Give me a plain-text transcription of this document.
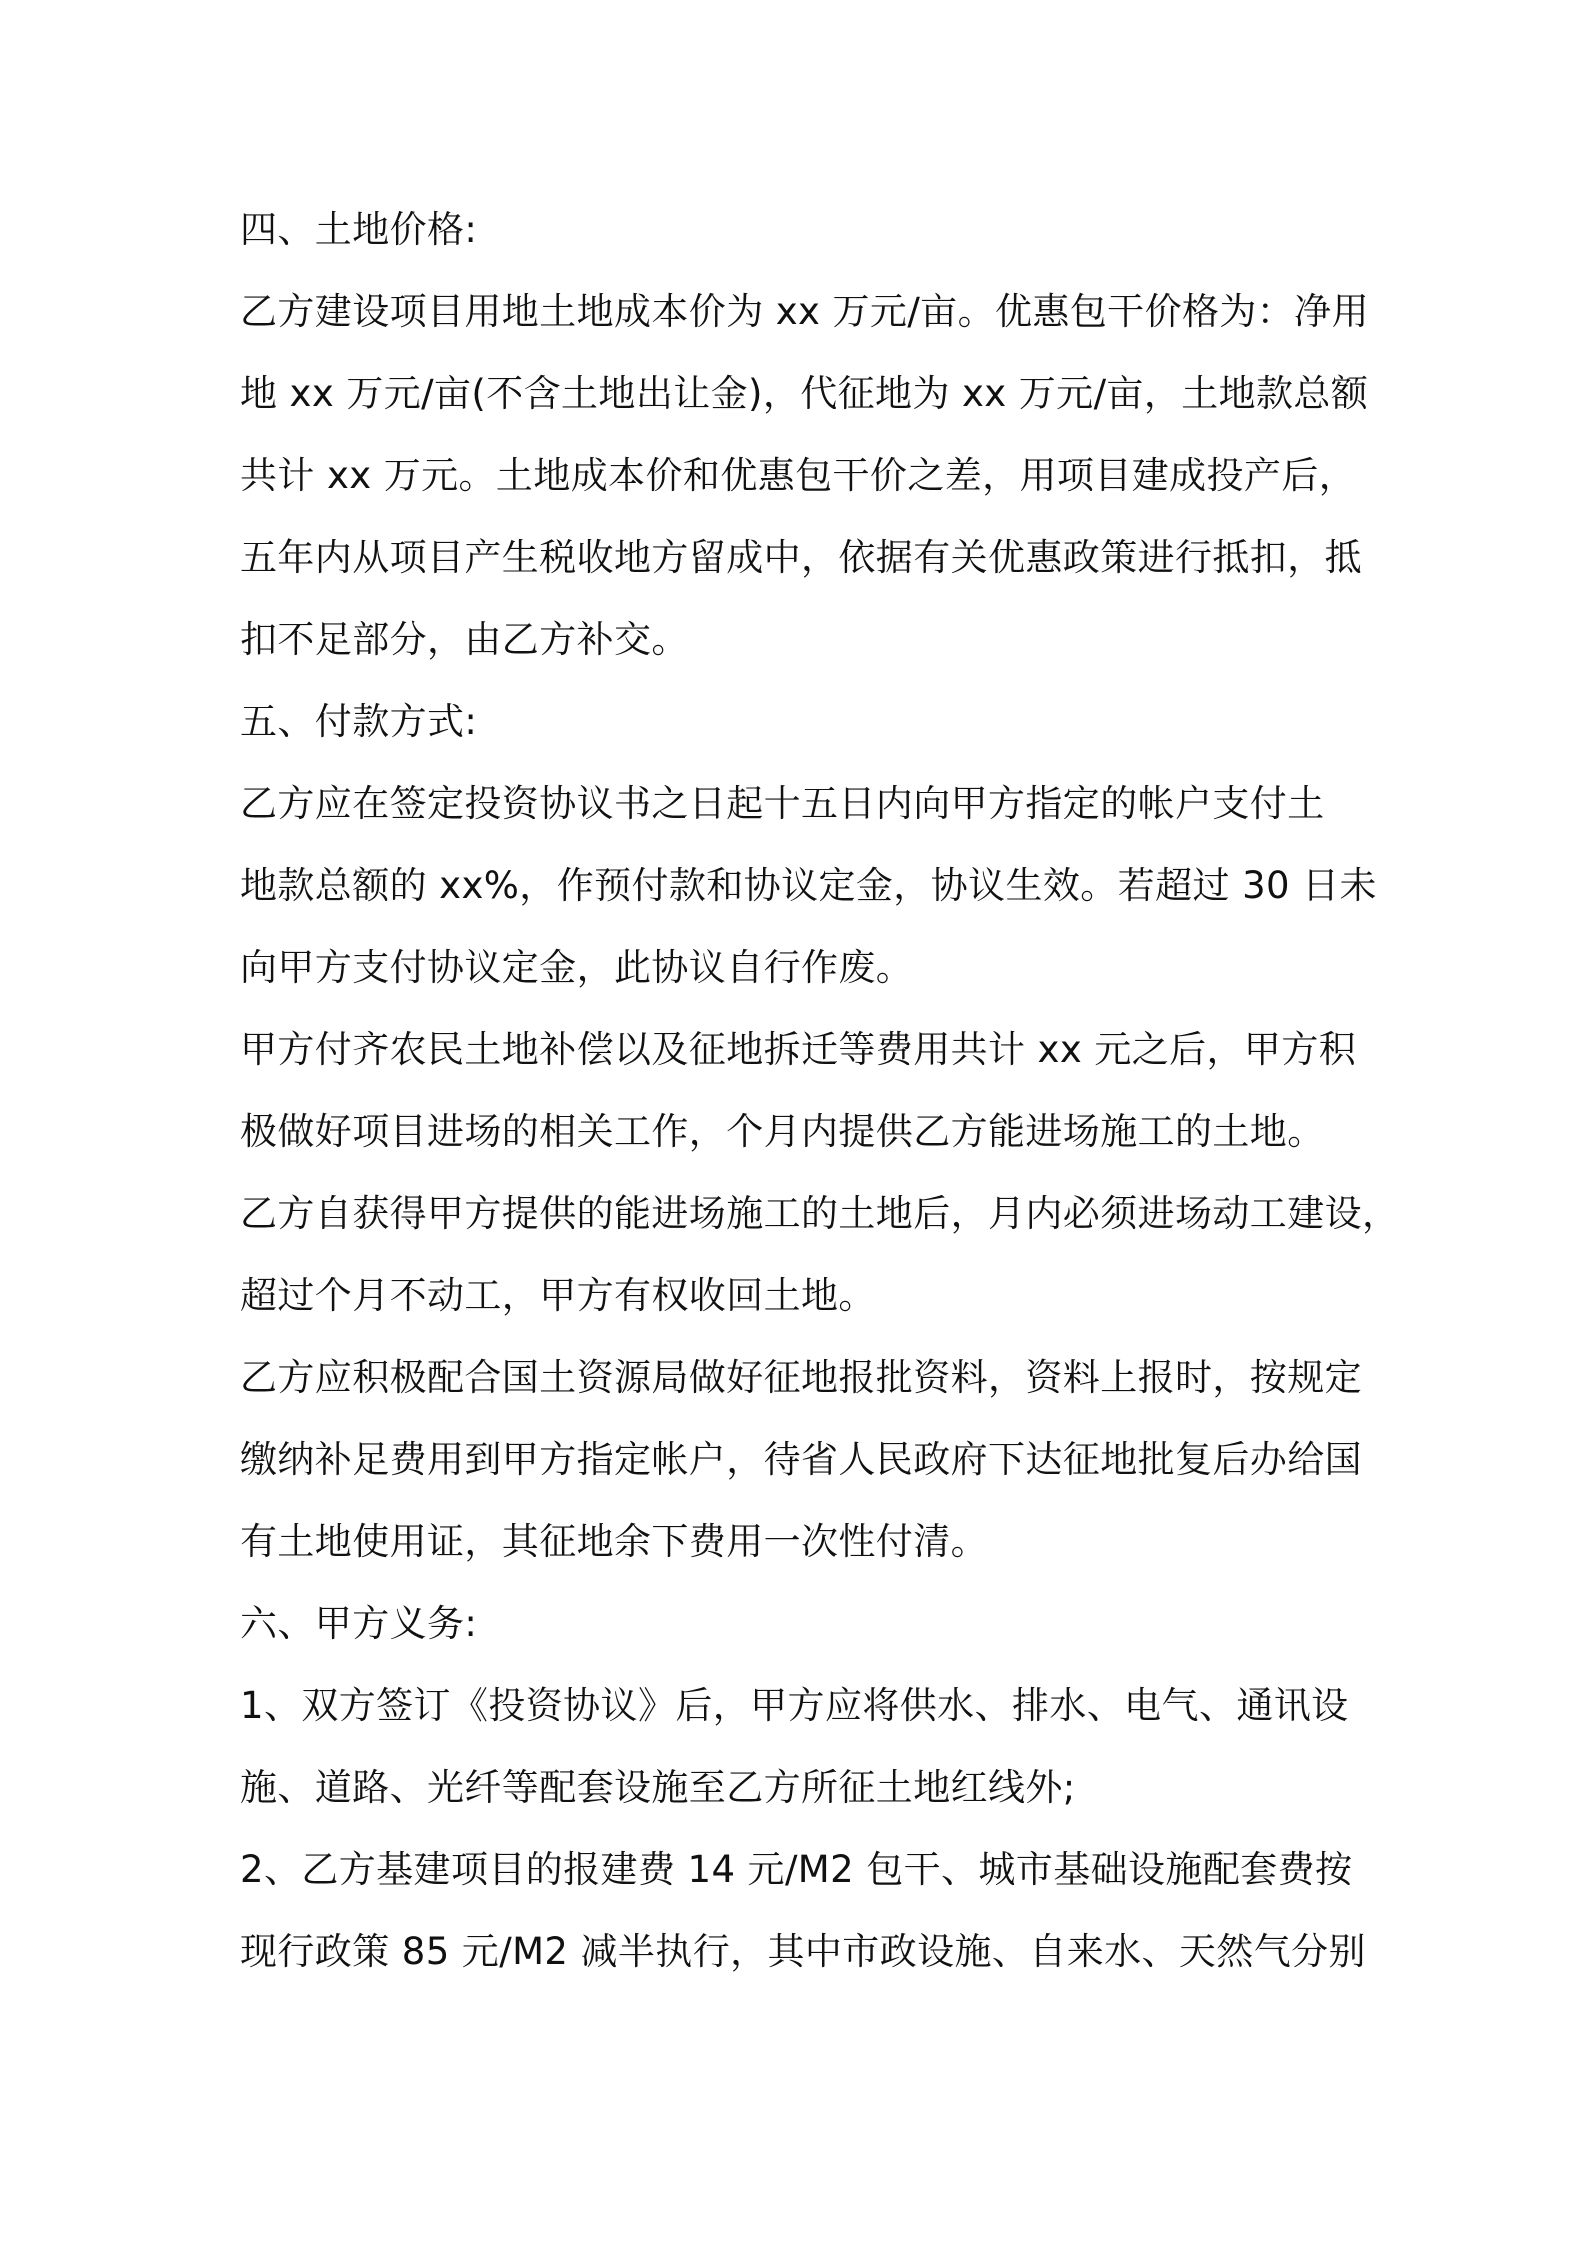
四、土地价格:
乙方建设项目用地土地成本价为 xx 万元/亩。优惠包干价格为：净用
地 xx 万元/亩(不含土地出让金)，代征地为 xx 万元/亩，土地款总额
共计 xx 万元。土地成本价和优惠包干价之差，用项目建成投产后，
五年内从项目产生税收地方留成中，依据有关优惠政策进行抵扣，抵
扣不足部分，由乙方补交。
五、付款方式:
乙方应在签定投资协议书之日起十五日内向甲方指定的帐户支付土
地款总额的 xx%，作预付款和协议定金，协议生效。若超过 30 日未
向甲方支付协议定金，此协议自行作废。
甲方付齐农民土地补偿以及征地拆迁等费用共计 xx 元之后，甲方积
极做好项目进场的相关工作，个月内提供乙方能进场施工的土地。
乙方自获得甲方提供的能进场施工的土地后，月内必须进场动工建设，
超过个月不动工，甲方有权收回土地。
乙方应积极配合国土资源局做好征地报批资料，资料上报时，按规定
缴纳补足费用到甲方指定帐户，待省人民政府下达征地批复后办给国
有土地使用证，其征地余下费用一次性付清。
六、甲方义务:
1、双方签订《投资协议》后，甲方应将供水、排水、电气、通讯设
施、道路、光纤等配套设施至乙方所征土地红线外;
2、乙方基建项目的报建费 14 元/M2 包干、城市基础设施配套费按
现行政策 85 元/M2 减半执行，其中市政设施、自来水、天然气分别
